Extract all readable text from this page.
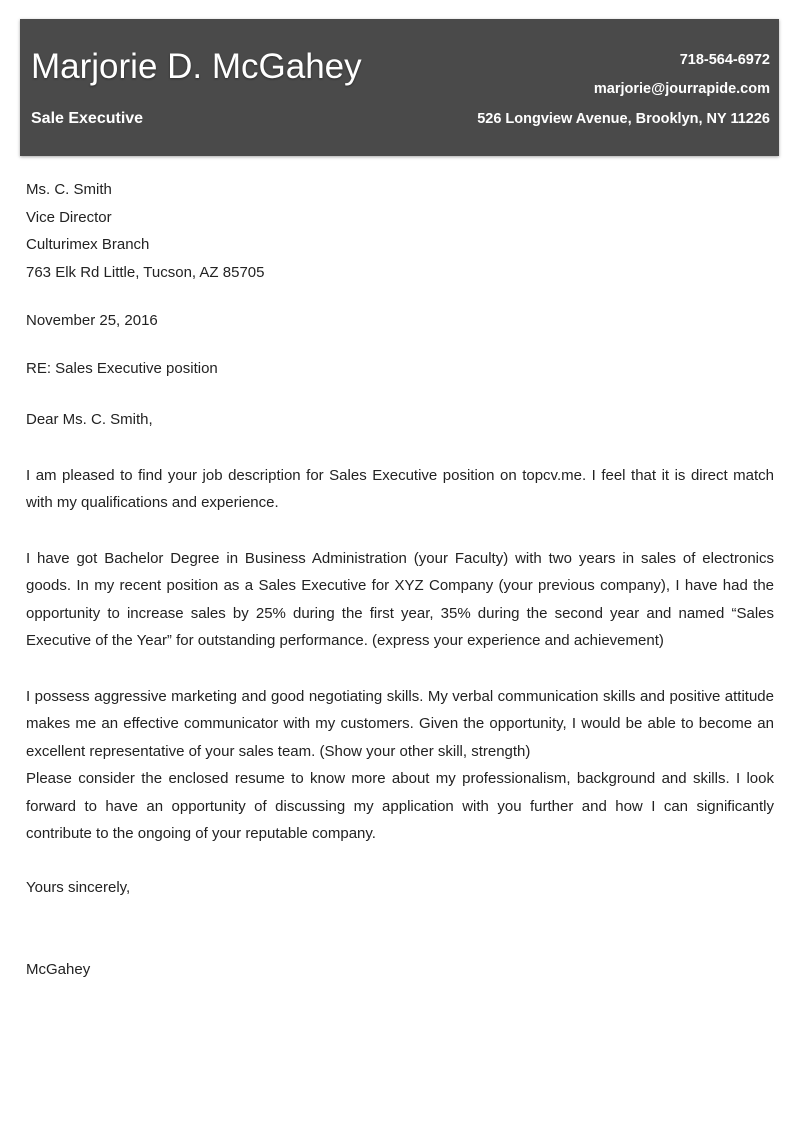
Marjorie D. McGahey
Sale Executive
718-564-6972
marjorie@jourrapide.com
526 Longview Avenue, Brooklyn, NY 11226
Ms. C. Smith
Vice Director
Culturimex Branch
763 Elk Rd Little, Tucson, AZ 85705
November 25, 2016
RE: Sales Executive position
Dear Ms. C. Smith,

I am pleased to find your job description for Sales Executive position on topcv.me. I feel that it is direct match with my qualifications and experience.

I have got Bachelor Degree in Business Administration (your Faculty) with two years in sales of electronics goods. In my recent position as a Sales Executive for XYZ Company (your previous company), I have had the opportunity to increase sales by 25% during the first year, 35% during the second year and named “Sales Executive of the Year” for outstanding performance. (express your experience and achievement)

I possess aggressive marketing and good negotiating skills. My verbal communication skills and positive attitude makes me an effective communicator with my customers. Given the opportunity, I would be able to become an excellent representative of your sales team. (Show your other skill, strength)

Please consider the enclosed resume to know more about my professionalism, background and skills. I look forward to have an opportunity of discussing my application with you further and how I can significantly contribute to the ongoing of your reputable company.

Yours sincerely,
McGahey
